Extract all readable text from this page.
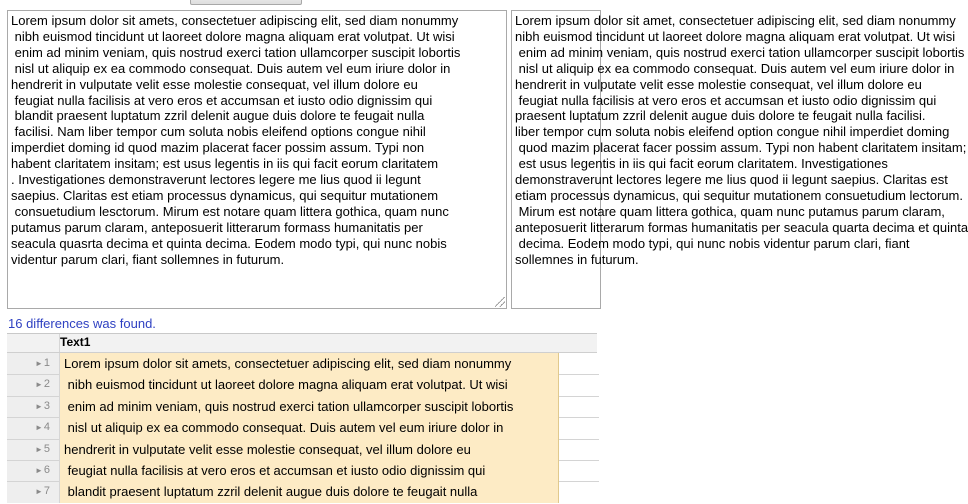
Lorem ipsum dolor sit amets, consectetuer adipiscing elit, sed diam nonummy
nibh euismod tincidunt ut laoreet dolore magna aliquam erat volutpat. Ut wisi
enim ad minim veniam, quis nostrud exerci tation ullamcorper suscipit lobortis
nisl ut aliquip ex ea commodo consequat. Duis autem vel eum iriure dolor in
hendrerit in vulputate velit esse molestie consequat, vel illum dolore eu
feugiat nulla facilisis at vero eros et accumsan et iusto odio dignissim qui
blandit praesent luptatum zzril delenit augue duis dolore te feugait nulla
facilisi. Nam liber tempor cum soluta nobis eleifend options congue nihil
imperdiet doming id quod mazim placerat facer possim assum. Typi non
habent claritatem insitam; est usus legentis in iis qui facit eorum claritatem
. Investigationes demonstraverunt lectores legere me lius quod ii legunt
saepius. Claritas est etiam processus dynamicus, qui sequitur mutationem
consuetudium lesctorum. Mirum est notare quam littera gothica, quam nunc
putamus parum claram, anteposuerit litterarum formass humanitatis per
seacula quasrta decima et quinta decima. Eodem modo typi, qui nunc nobis
videntur parum clari, fiant sollemnes in futurum.
Lorem ipsum dolor sit amet, consectetuer adipiscing elit, sed diam nonummy
nibh euismod tincidunt ut laoreet dolore magna aliquam erat volutpat. Ut wisi
enim ad minim veniam, quis nostrud exerci tation ullamcorper suscipit lobortis
nisl ut aliquip ex ea commodo consequat. Duis autem vel eum iriure dolor in
hendrerit in vulputate velit esse molestie consequat, vel illum dolore eu
feugiat nulla facilisis at vero eros et accumsan et iusto odio dignissim qui
praesent luptatum zzril delenit augue duis dolore te feugait nulla facilisi.
liber tempor cum soluta nobis eleifend option congue nihil imperdiet doming
quod mazim placerat facer possim assum. Typi non habent claritatem insitam;
est usus legentis in iis qui facit eorum claritatem. Investigationes
demonstraverunt lectores legere me lius quod ii legunt saepius. Claritas est
etiam processus dynamicus, qui sequitur mutationem consuetudium lectorum.
Mirum est notare quam littera gothica, quam nunc putamus parum claram,
anteposuerit litterarum formas humanitatis per seacula quarta decima et quinta
decima. Eodem modo typi, qui nunc nobis videntur parum clari, fiant
sollemnes in futurum.
16 differences was found.
Text1
►1	Lorem ipsum dolor sit amets, consectetuer adipiscing elit, sed diam nonummy
►2	nibh euismod tincidunt ut laoreet dolore magna aliquam erat volutpat. Ut wisi
►3	enim ad minim veniam, quis nostrud exerci tation ullamcorper suscipit lobortis
►4	nisl ut aliquip ex ea commodo consequat. Duis autem vel eum iriure dolor in
►5	hendrerit in vulputate velit esse molestie consequat, vel illum dolore eu
►6	feugiat nulla facilisis at vero eros et accumsan et iusto odio dignissim qui
►7	blandit praesent luptatum zzril delenit augue duis dolore te feugait nulla
